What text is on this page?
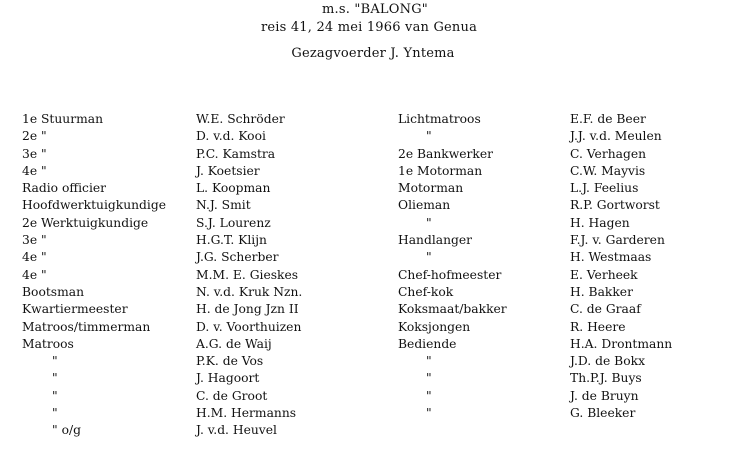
m.s. "BALONG"
reis 41, 24 mei 1966 van Genua
Gezagvoerder J. Yntema
1e Stuurman
2e "
3e "
4e "
Radio officier
Hoofdwerktuigkundige
2e Werktuigkundige
3e "
4e "
4e "
Bootsman
Kwartiermeester
Matroos/timmerman
Matroos
"
"
"
"
" o/g
W.E. Schröder
D. v.d. Kooi
P.C. Kamstra
J. Koetsier
L. Koopman
N.J. Smit
S.J. Lourenz
H.G.T. Klijn
J.G. Scherber
M.M. E. Gieskes
N. v.d. Kruk Nzn.
H. de Jong Jzn II
D. v. Voorthuizen
A.G. de Waij
P.K. de Vos
J. Hagoort
C. de Groot
H.M. Hermanns
J. v.d. Heuvel
Lichtmatroos
"
2e Bankwerker
1e Motorman
Motorman
Olieman
"
Handlanger
"
Chef-hofmeester
Chef-kok
Koksmaat/bakker
Koksjongen
Bediende
"
"
"
"
E.F. de Beer
J.J. v.d. Meulen
C. Verhagen
C.W. Mayvis
L.J. Feelius
R.P. Gortworst
H. Hagen
F.J. v. Garderen
H. Westmaas
E. Verheek
H. Bakker
C. de Graaf
R. Heere
H.A. Drontmann
J.D. de Bokx
Th.P.J. Buys
J. de Bruyn
G. Bleeker
